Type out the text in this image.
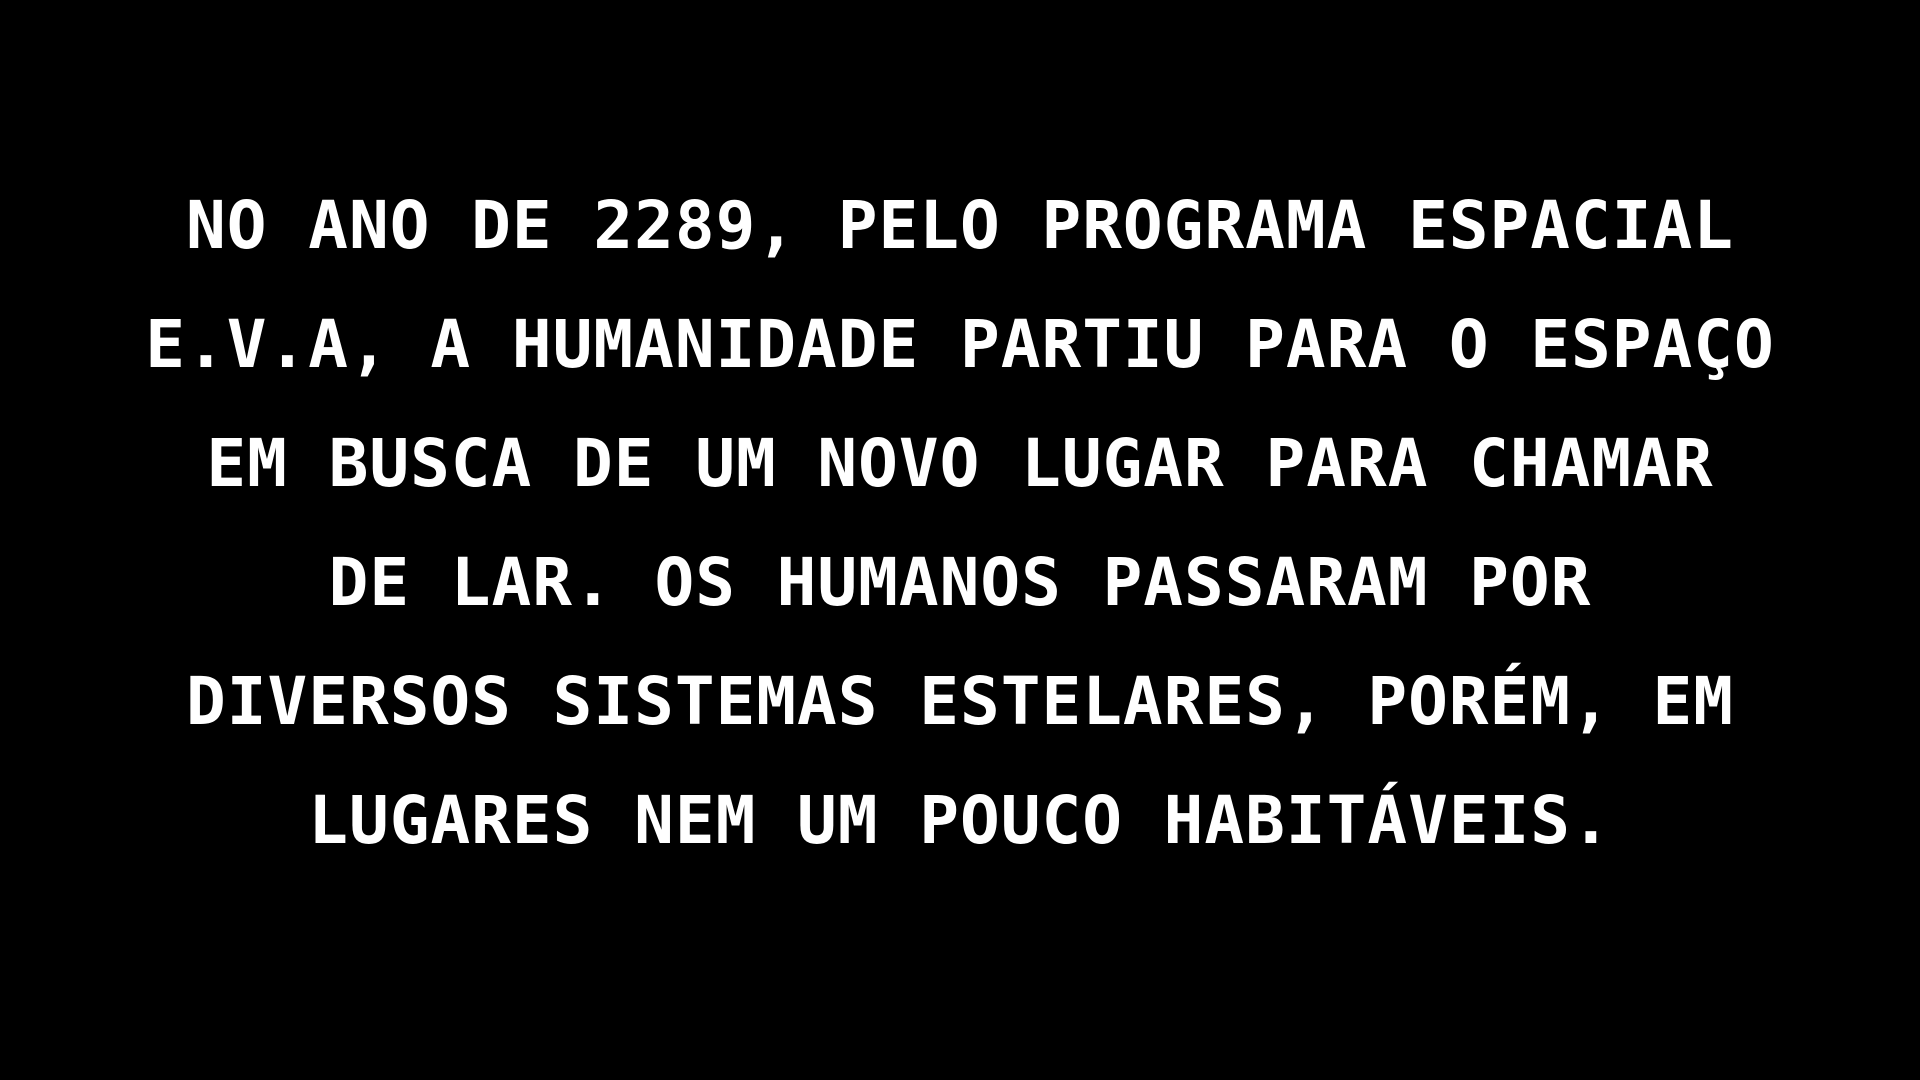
NO ANO DE 2289, PELO PROGRAMA ESPACIAL
E.V.A, A HUMANIDADE PARTIU PARA O ESPAÇO
EM BUSCA DE UM NOVO LUGAR PARA CHAMAR
DE LAR. OS HUMANOS PASSARAM POR
DIVERSOS SISTEMAS ESTELARES, PORÉM, EM
LUGARES NEM UM POUCO HABITÁVEIS.
